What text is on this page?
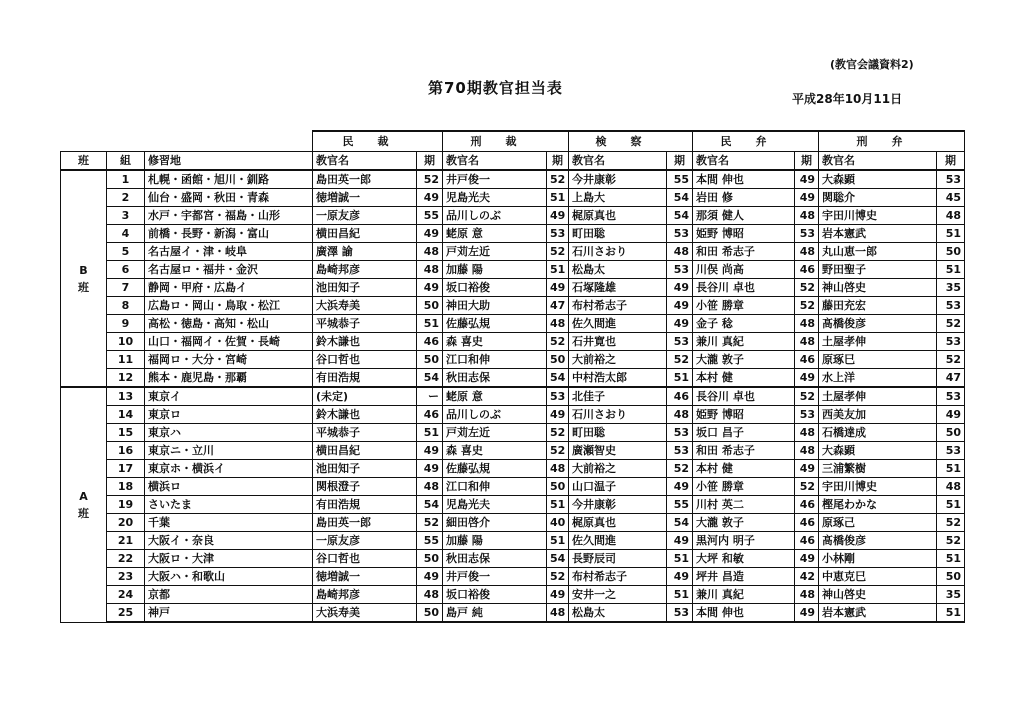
(教官会議資料2)
第70期教官担当表
平成28年10月11日
			民裁		刑裁		検察		民弁		刑弁	
班	組	修習地	教官名	期	教官名	期	教官名	期	教官名	期	教官名	期
B
班	1	札幌・函館・旭川・釧路	島田英一郎	52	井戸俊一	52	今井康彰	55	本間 伸也	49	大森顕	53
	2	仙台・盛岡・秋田・青森	徳増誠一	49	児島光夫	51	上島大	54	岩田 修	49	関聡介	45
	3	水戸・宇都宮・福島・山形	一原友彦	55	品川しのぶ	49	梶原真也	54	那須 健人	48	宇田川博史	48
	4	前橋・長野・新潟・富山	横田昌紀	49	蛯原 意	53	町田聡	53	姫野 博昭	53	岩本憲武	51
	5	名古屋イ・津・岐阜	廣澤 諭	48	戸苅左近	52	石川さおり	48	和田 希志子	48	丸山恵一郎	50
	6	名古屋ロ・福井・金沢	島崎邦彦	48	加藤 陽	51	松島太	53	川俣 尚高	46	野田聖子	51
	7	静岡・甲府・広島イ	池田知子	49	坂口裕俊	49	石塚隆雄	49	長谷川 卓也	52	神山啓史	35
	8	広島ロ・岡山・鳥取・松江	大浜寿美	50	神田大助	47	布村希志子	49	小笹 勝章	52	藤田充宏	53
	9	高松・徳島・高知・松山	平城恭子	51	佐藤弘規	48	佐久間進	49	金子 稔	48	髙橋俊彦	52
	10	山口・福岡イ・佐賀・長崎	鈴木謙也	46	森 喜史	52	石井寛也	53	兼川 真紀	48	土屋孝伸	53
	11	福岡ロ・大分・宮崎	谷口哲也	50	江口和伸	50	大前裕之	52	大瀧 敦子	46	原琢巳	52
	12	熊本・鹿児島・那覇	有田浩規	54	秋田志保	54	中村浩太郎	51	本村 健	49	水上洋	47
A
班	13	東京イ	(未定)	ー	蛯原 意	53	北佳子	46	長谷川 卓也	52	土屋孝伸	53
	14	東京ロ	鈴木謙也	46	品川しのぶ	49	石川さおり	48	姫野 博昭	53	西美友加	49
	15	東京ハ	平城恭子	51	戸苅左近	52	町田聡	53	坂口 昌子	48	石橋達成	50
	16	東京ニ・立川	横田昌紀	49	森 喜史	52	廣瀬智史	53	和田 希志子	48	大森顕	53
	17	東京ホ・横浜イ	池田知子	49	佐藤弘規	48	大前裕之	52	本村 健	49	三浦繁樹	51
	18	横浜ロ	関根澄子	48	江口和伸	50	山口温子	49	小笹 勝章	52	宇田川博史	48
	19	さいたま	有田浩規	54	児島光夫	51	今井康彰	55	川村 英二	46	樫尾わかな	51
	20	千葉	島田英一郎	52	細田啓介	40	梶原真也	54	大瀧 敦子	46	原琢己	52
	21	大阪イ・奈良	一原友彦	55	加藤 陽	51	佐久間進	49	黒河内 明子	46	髙橋俊彦	52
	22	大阪ロ・大津	谷口哲也	50	秋田志保	54	長野辰司	51	大坪 和敏	49	小林剛	51
	23	大阪ハ・和歌山	徳増誠一	49	井戸俊一	52	布村希志子	49	坪井 昌造	42	中恵克巳	50
	24	京都	島崎邦彦	48	坂口裕俊	49	安井一之	51	兼川 真紀	48	神山啓史	35
	25	神戸	大浜寿美	50	島戸 純	48	松島太	53	本間 伸也	49	岩本憲武	51
